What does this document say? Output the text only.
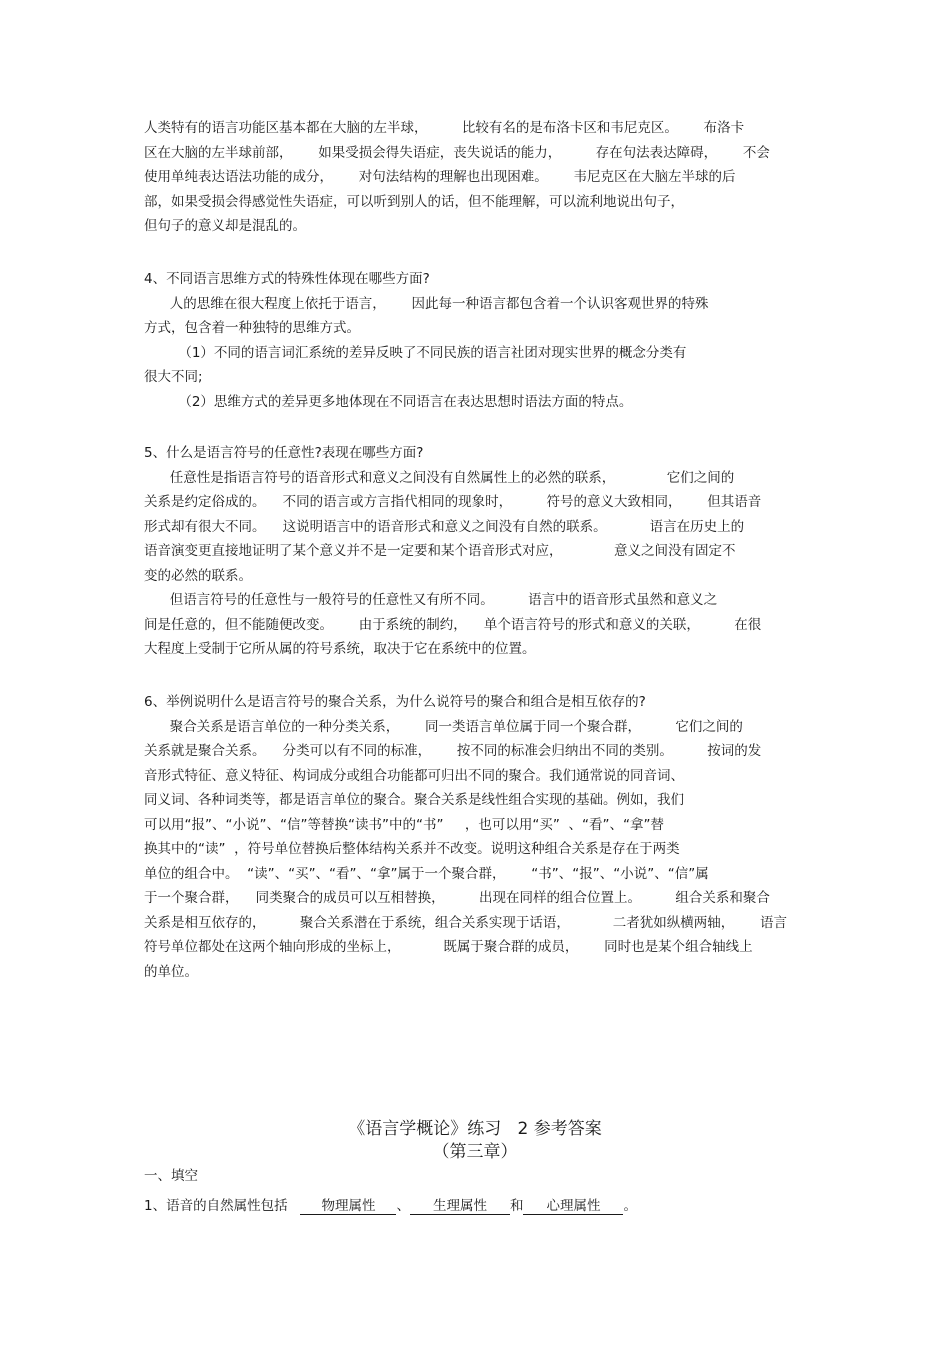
人类特有的语言功能区基本都在大脑的左半球，        比较有名的是布洛卡区和韦尼克区。      布洛卡
区在大脑的左半球前部，      如果受损会得失语症，丧失说话的能力，        存在句法表达障碍，      不会
使用单纯表达语法功能的成分，      对句法结构的理解也出现困难。      韦尼克区在大脑左半球的后
部，如果受损会得感觉性失语症，可以听到别人的话，但不能理解，可以流利地说出句子，
但句子的意义却是混乱的。
4、不同语言思维方式的特殊性体现在哪些方面?
人的思维在很大程度上依托于语言，      因此每一种语言都包含着一个认识客观世界的特殊
方式，包含着一种独特的思维方式。
（1）不同的语言词汇系统的差异反映了不同民族的语言社团对现实世界的概念分类有
很大不同;
（2）思维方式的差异更多地体现在不同语言在表达思想时语法方面的特点。
5、什么是语言符号的任意性?表现在哪些方面?
任意性是指语言符号的语音形式和意义之间没有自然属性上的必然的联系，            它们之间的
关系是约定俗成的。    不同的语言或方言指代相同的现象时，        符号的意义大致相同，      但其语音
形式却有很大不同。    这说明语言中的语音形式和意义之间没有自然的联系。          语言在历史上的
语音演变更直接地证明了某个意义并不是一定要和某个语音形式对应，            意义之间没有固定不
变的必然的联系。
但语言符号的任意性与一般符号的任意性又有所不同。        语言中的语音形式虽然和意义之
间是任意的，但不能随便改变。      由于系统的制约，    单个语言符号的形式和意义的关联，        在很
大程度上受制于它所从属的符号系统，取决于它在系统中的位置。
6、举例说明什么是语言符号的聚合关系，为什么说符号的聚合和组合是相互依存的?
聚合关系是语言单位的一种分类关系，      同一类语言单位属于同一个聚合群，        它们之间的
关系就是聚合关系。    分类可以有不同的标准，      按不同的标准会归纳出不同的类别。        按词的发
音形式特征、意义特征、构词成分或组合功能都可归出不同的聚合。我们通常说的同音词、
同义词、各种词类等，都是语言单位的聚合。聚合关系是线性组合实现的基础。例如，我们
可以用“报”、“小说”、“信”等替换“读书”中的“书”     ，也可以用“买”  、“看”、“拿”替
换其中的“读”  ，符号单位替换后整体结构关系并不改变。说明这种组合关系是存在于两类
单位的组合中。  “读”、“买”、“看”、“拿”属于一个聚合群，      “书”、“报”、“小说”、“信”属
于一个聚合群，    同类聚合的成员可以互相替换，        出现在同样的组合位置上。        组合关系和聚合
关系是相互依存的，        聚合关系潜在于系统，组合关系实现于话语，          二者犹如纵横两轴，      语言
符号单位都处在这两个轴向形成的坐标上，          既属于聚合群的成员，      同时也是某个组合轴线上
的单位。
《语言学概论》练习   2 参考答案
（第三章）
一、填空
1、语音的自然属性包括	物理属性 、 生理属性 和 心理属性 。
